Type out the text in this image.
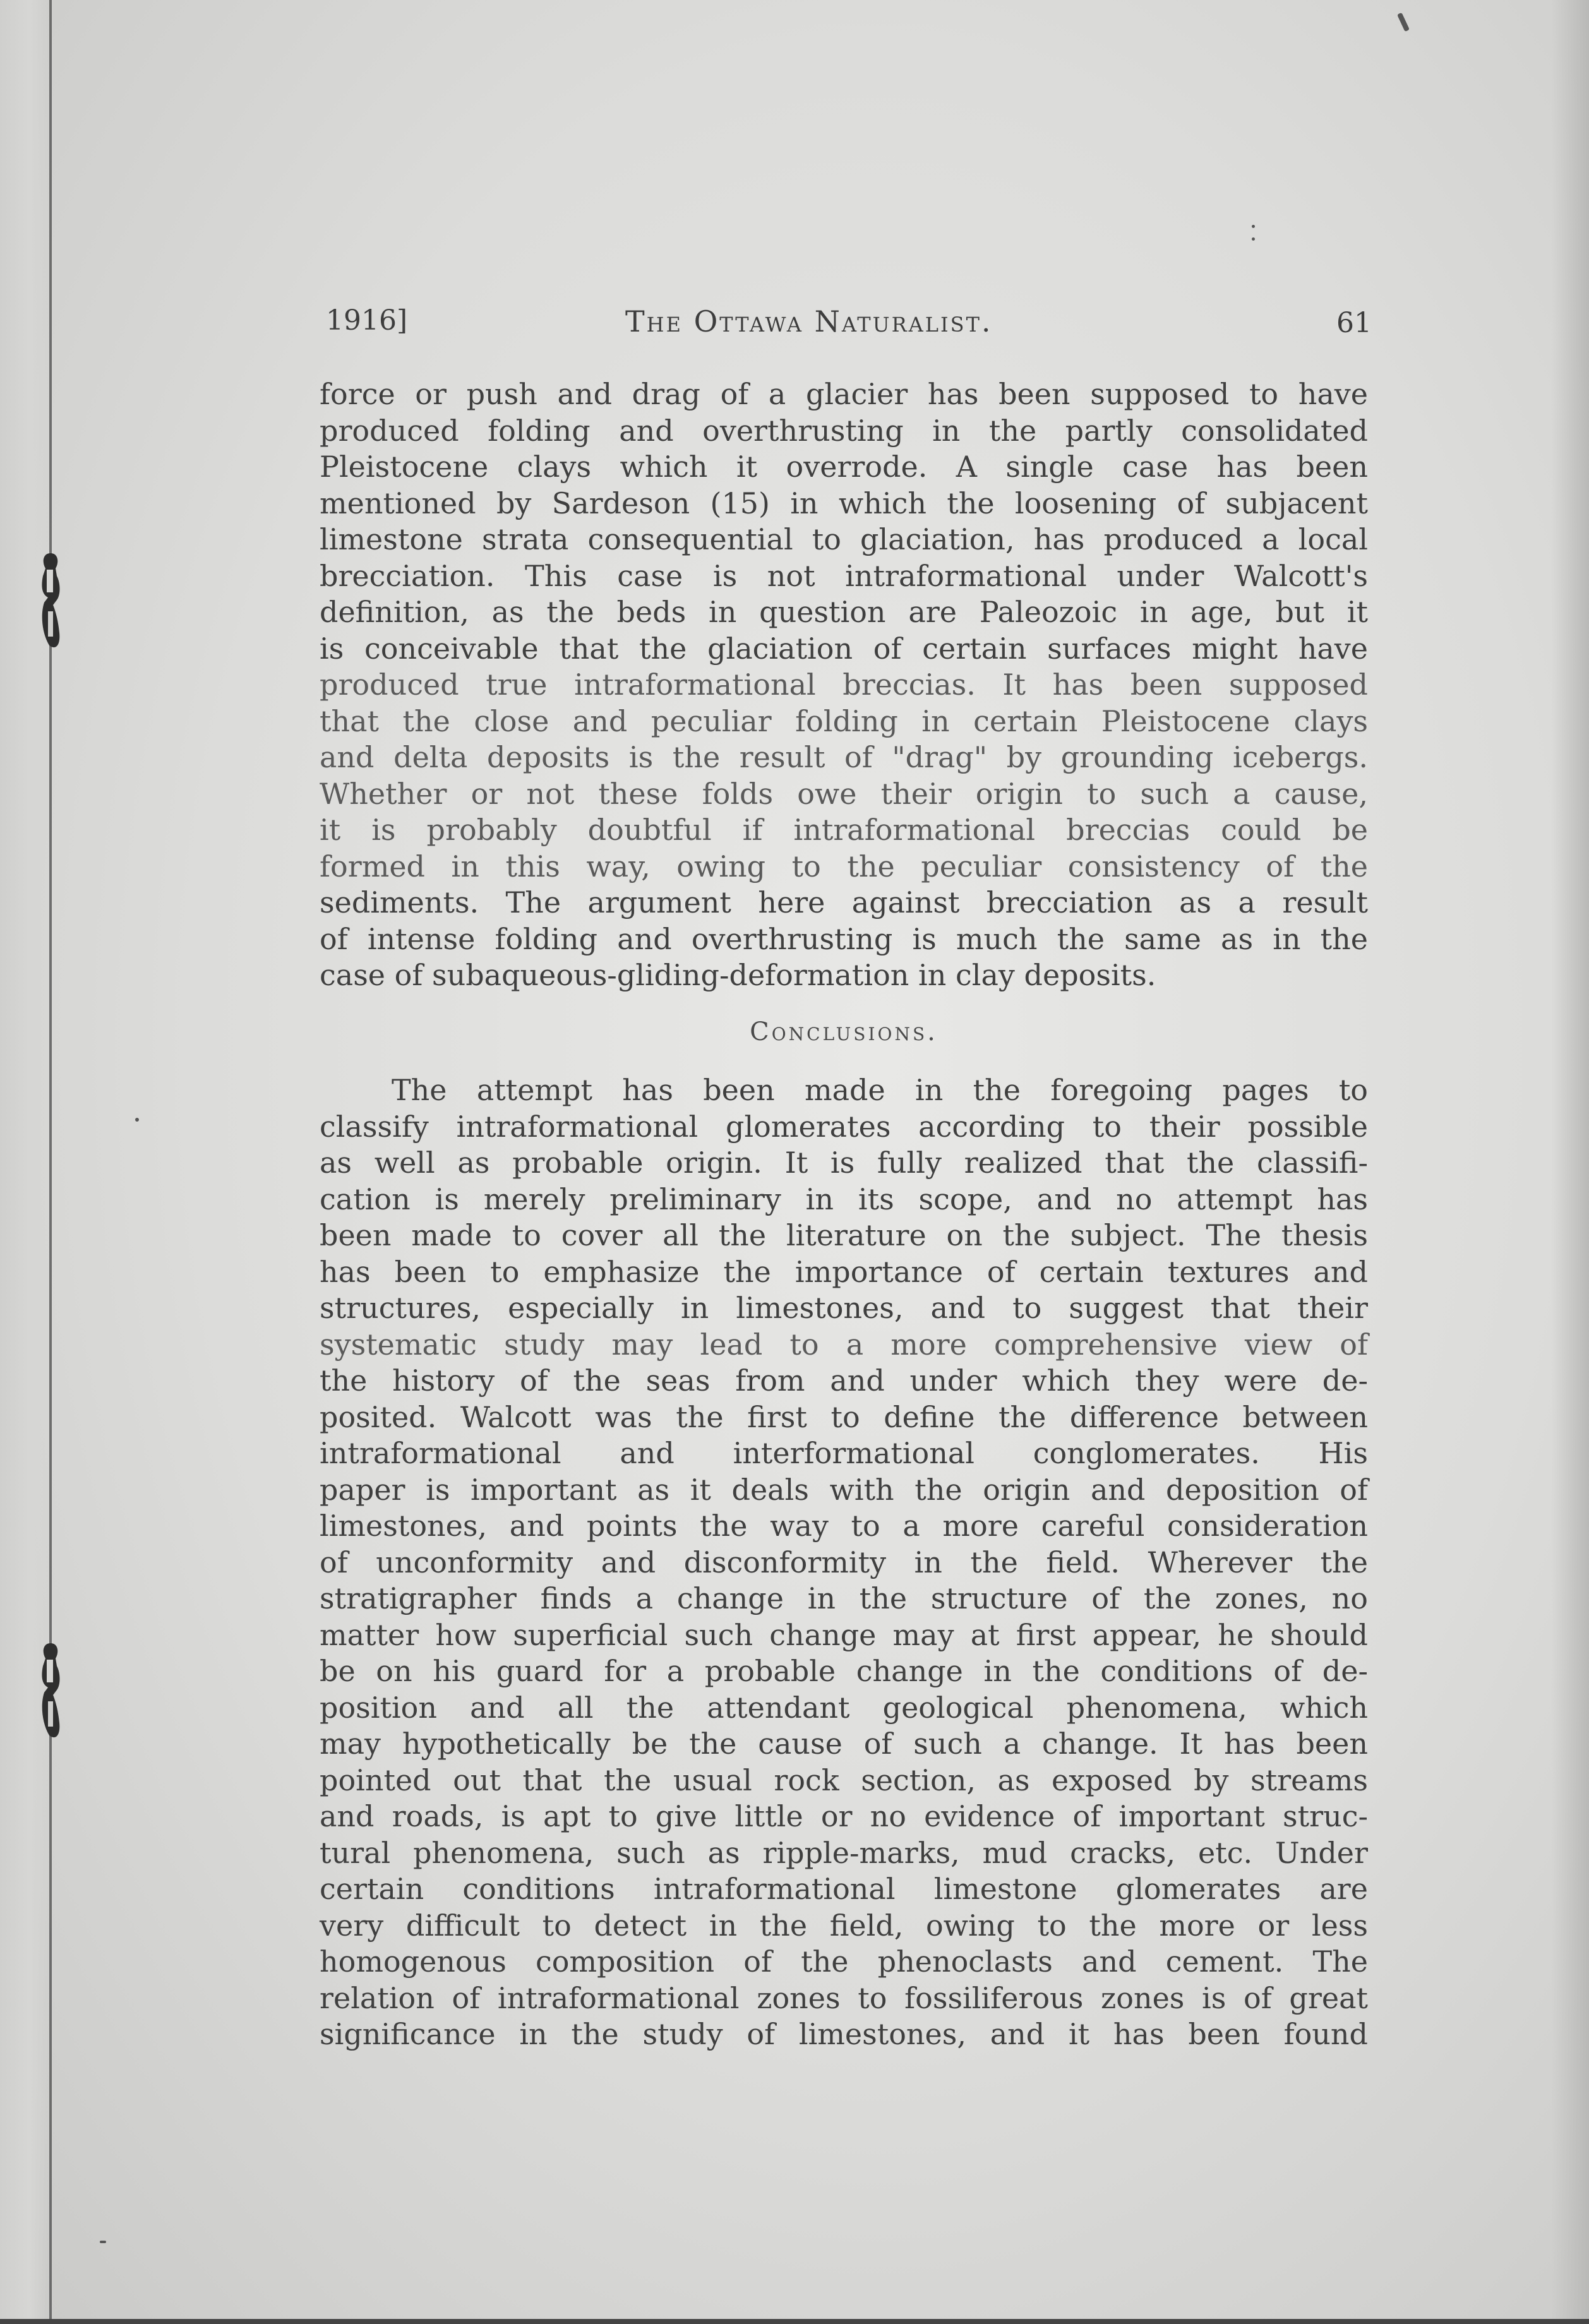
1916]	The Ottawa Naturalist.	61
force or push and drag of a glacier has been supposed to have
produced folding and overthrusting in the partly consolidated
Pleistocene clays which it overrode. A single case has been
mentioned by Sardeson (15) in which the loosening of subjacent
limestone strata consequential to glaciation, has produced a local
brecciation. This case is not intraformational under Walcott's
definition, as the beds in question are Paleozoic in age, but it
is conceivable that the glaciation of certain surfaces might have
produced true intraformational breccias. It has been supposed
that the close and peculiar folding in certain Pleistocene clays
and delta deposits is the result of "drag" by grounding icebergs.
Whether or not these folds owe their origin to such a cause,
it is probably doubtful if intraformational breccias could be
formed in this way, owing to the peculiar consistency of the
sediments. The argument here against brecciation as a result
of intense folding and overthrusting is much the same as in the
case of subaqueous-gliding-deformation in clay deposits.
Conclusions.
The attempt has been made in the foregoing pages to
classify intraformational glomerates according to their possible
as well as probable origin. It is fully realized that the classifi-
cation is merely preliminary in its scope, and no attempt has
been made to cover all the literature on the subject. The thesis
has been to emphasize the importance of certain textures and
structures, especially in limestones, and to suggest that their
systematic study may lead to a more comprehensive view of
the history of the seas from and under which they were de-
posited. Walcott was the first to define the difference between
intraformational and interformational conglomerates. His
paper is important as it deals with the origin and deposition of
limestones, and points the way to a more careful consideration
of unconformity and disconformity in the field. Wherever the
stratigrapher finds a change in the structure of the zones, no
matter how superficial such change may at first appear, he should
be on his guard for a probable change in the conditions of de-
position and all the attendant geological phenomena, which
may hypothetically be the cause of such a change. It has been
pointed out that the usual rock section, as exposed by streams
and roads, is apt to give little or no evidence of important struc-
tural phenomena, such as ripple-marks, mud cracks, etc. Under
certain conditions intraformational limestone glomerates are
very difficult to detect in the field, owing to the more or less
homogenous composition of the phenoclasts and cement. The
relation of intraformational zones to fossiliferous zones is of great
significance in the study of limestones, and it has been found
